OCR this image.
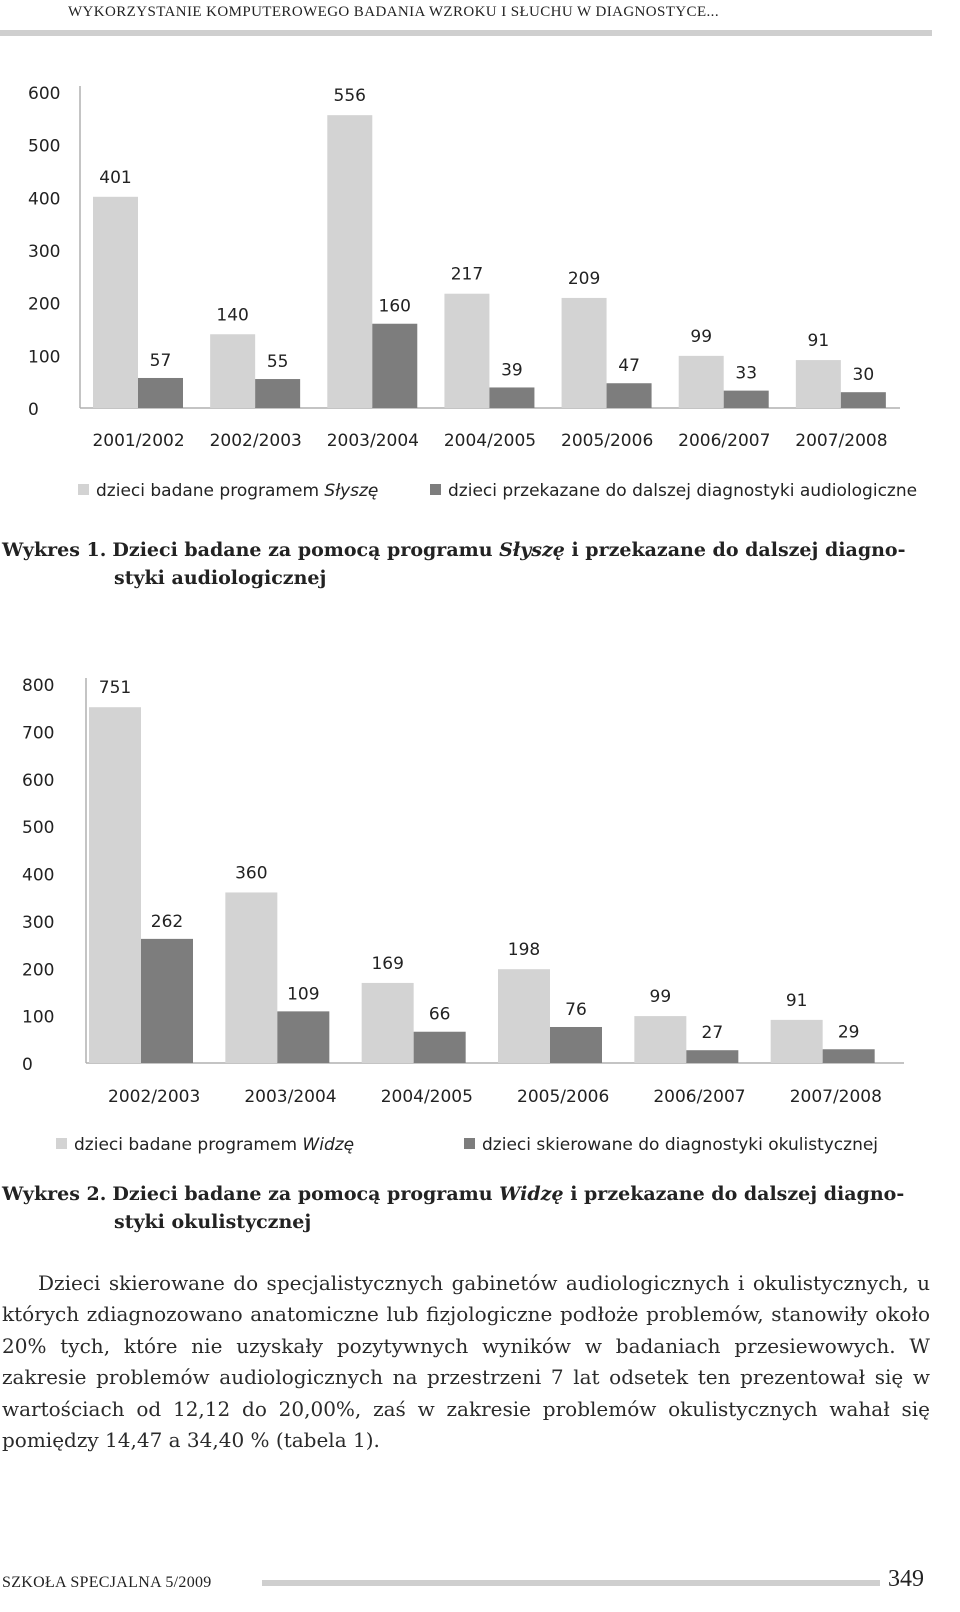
WYKORZYSTANIE KOMPUTEROWEGO BADANIA WZROKU I SŁUCHU W DIAGNOSTYCE...
0
100
200
300
400
500
600
401
57
2001/2002
140
55
2002/2003
556
160
2003/2004
217
39
2004/2005
209
47
2005/2006
99
33
2006/2007
91
30
2007/2008
dzieci badane programem Słyszę	dzieci przekazane do dalszej diagnostyki audiologiczne
Wykres 1. Dzieci badane za pomocą programu Słyszę i przekazane do dalszej diagno-
styki audiologicznej
0
100
200
300
400
500
600
700
800	751
262
2002/2003
360
109
2003/2004
169
66
2004/2005
198
76
2005/2006
99
27
2006/2007
91
29
2007/2008
dzieci badane programem Widzę	dzieci skierowane do diagnostyki okulistycznej
Wykres 2. Dzieci badane za pomocą programu Widzę i przekazane do dalszej diagno-
styki okulistycznej

Dzieci skierowane do specjalistycznych gabinetów audiologicznych i okulistycznych, u których zdiagnozowano anatomiczne lub fizjologiczne podłoże problemów, stanowiły około 20% tych, które nie uzyskały pozytywnych wyników w badaniach przesiewowych. W zakresie problemów audiologicznych na przestrzeni 7 lat odsetek ten prezentował się w wartościach od 12,12 do 20,00%, zaś w zakresie problemów okulistycznych wahał się pomiędzy 14,47 a 34,40 % (tabela 1).

SZKOŁA SPECJALNA 5/2009	349
